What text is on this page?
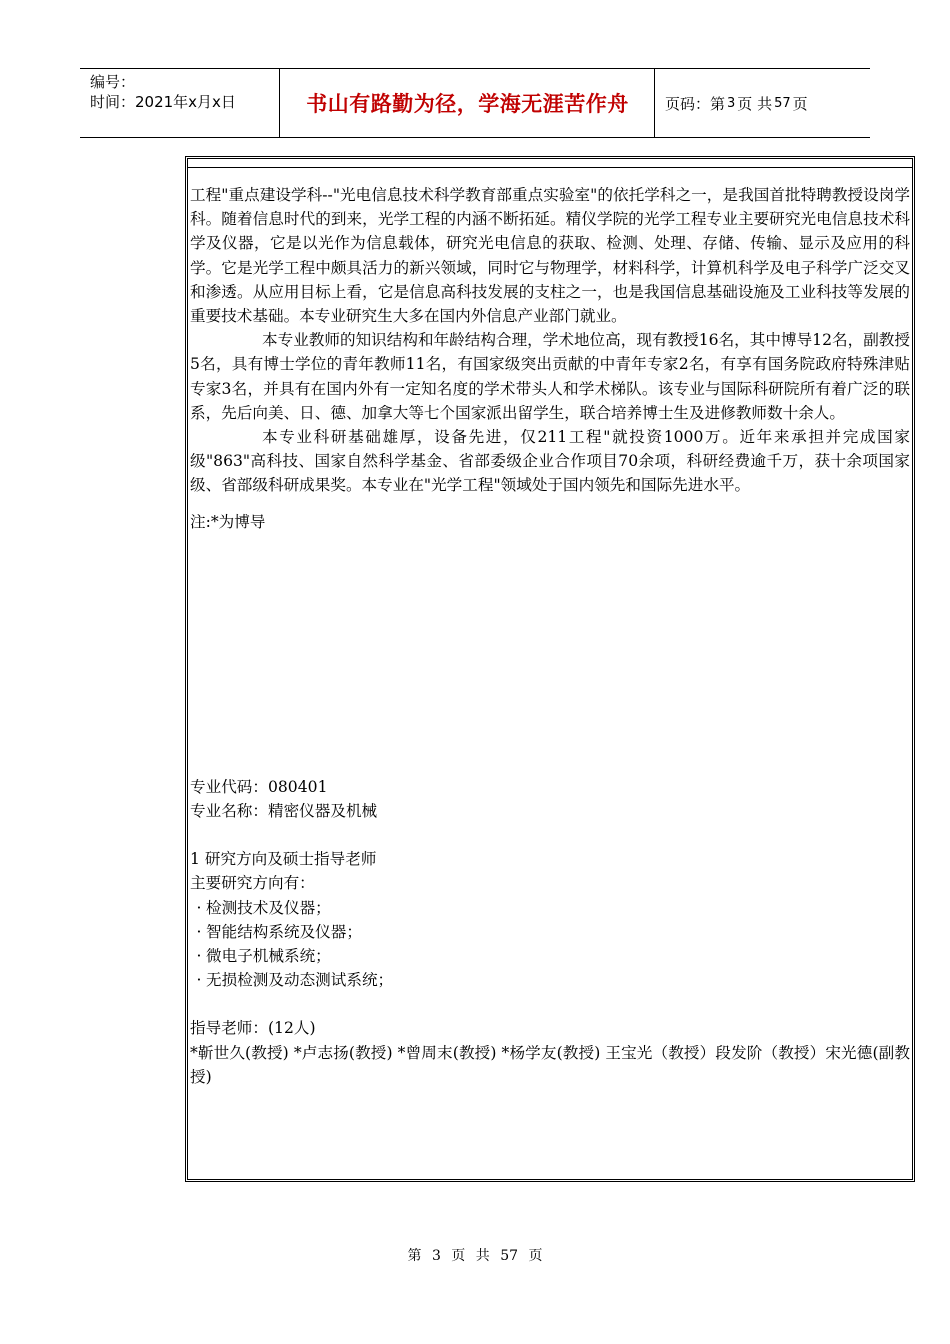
编号：
时间：2021年x月x日	书山有路勤为径，学海无涯苦作舟	页码：第 3 页 共 57 页

工程"重点建设学科--"光电信息技术科学教育部重点实验室"的依托学科之一，是我国首批特聘教授设岗学科。随着信息时代的到来，光学工程的内涵不断拓延。精仪学院的光学工程专业主要研究光电信息技术科学及仪器，它是以光作为信息载体，研究光电信息的获取、检测、处理、存储、传输、显示及应用的科学。它是光学工程中颇具活力的新兴领域，同时它与物理学，材料科学，计算机科学及电子科学广泛交叉和渗透。从应用目标上看，它是信息高科技发展的支柱之一，也是我国信息基础设施及工业科技等发展的重要技术基础。本专业研究生大多在国内外信息产业部门就业。

本专业教师的知识结构和年龄结构合理，学术地位高，现有教授16名，其中博导12名，副教授5名，具有博士学位的青年教师11名，有国家级突出贡献的中青年专家2名，有享有国务院政府特殊津贴专家3名，并具有在国内外有一定知名度的学术带头人和学术梯队。该专业与国际科研院所有着广泛的联系，先后向美、日、德、加拿大等七个国家派出留学生，联合培养博士生及进修教师数十余人。

本专业科研基础雄厚，设备先进，仅211工程"就投资1000万。近年来承担并完成国家级"863"高科技、国家自然科学基金、省部委级企业合作项目70余项，科研经费逾千万，获十余项国家级、省部级科研成果奖。本专业在"光学工程"领域处于国内领先和国际先进水平。

注:*为博导

专业代码：080401

专业名称：精密仪器及机械

1 研究方向及硕士指导老师

主要研究方向有：

· 检测技术及仪器；

· 智能结构系统及仪器；

· 微电子机械系统；

· 无损检测及动态测试系统；

指导老师：(12人)

*靳世久(教授) *卢志扬(教授) *曾周末(教授) *杨学友(教授) 王宝光（教授）段发阶（教授）宋光德(副教授)

第 3 页 共 57 页
